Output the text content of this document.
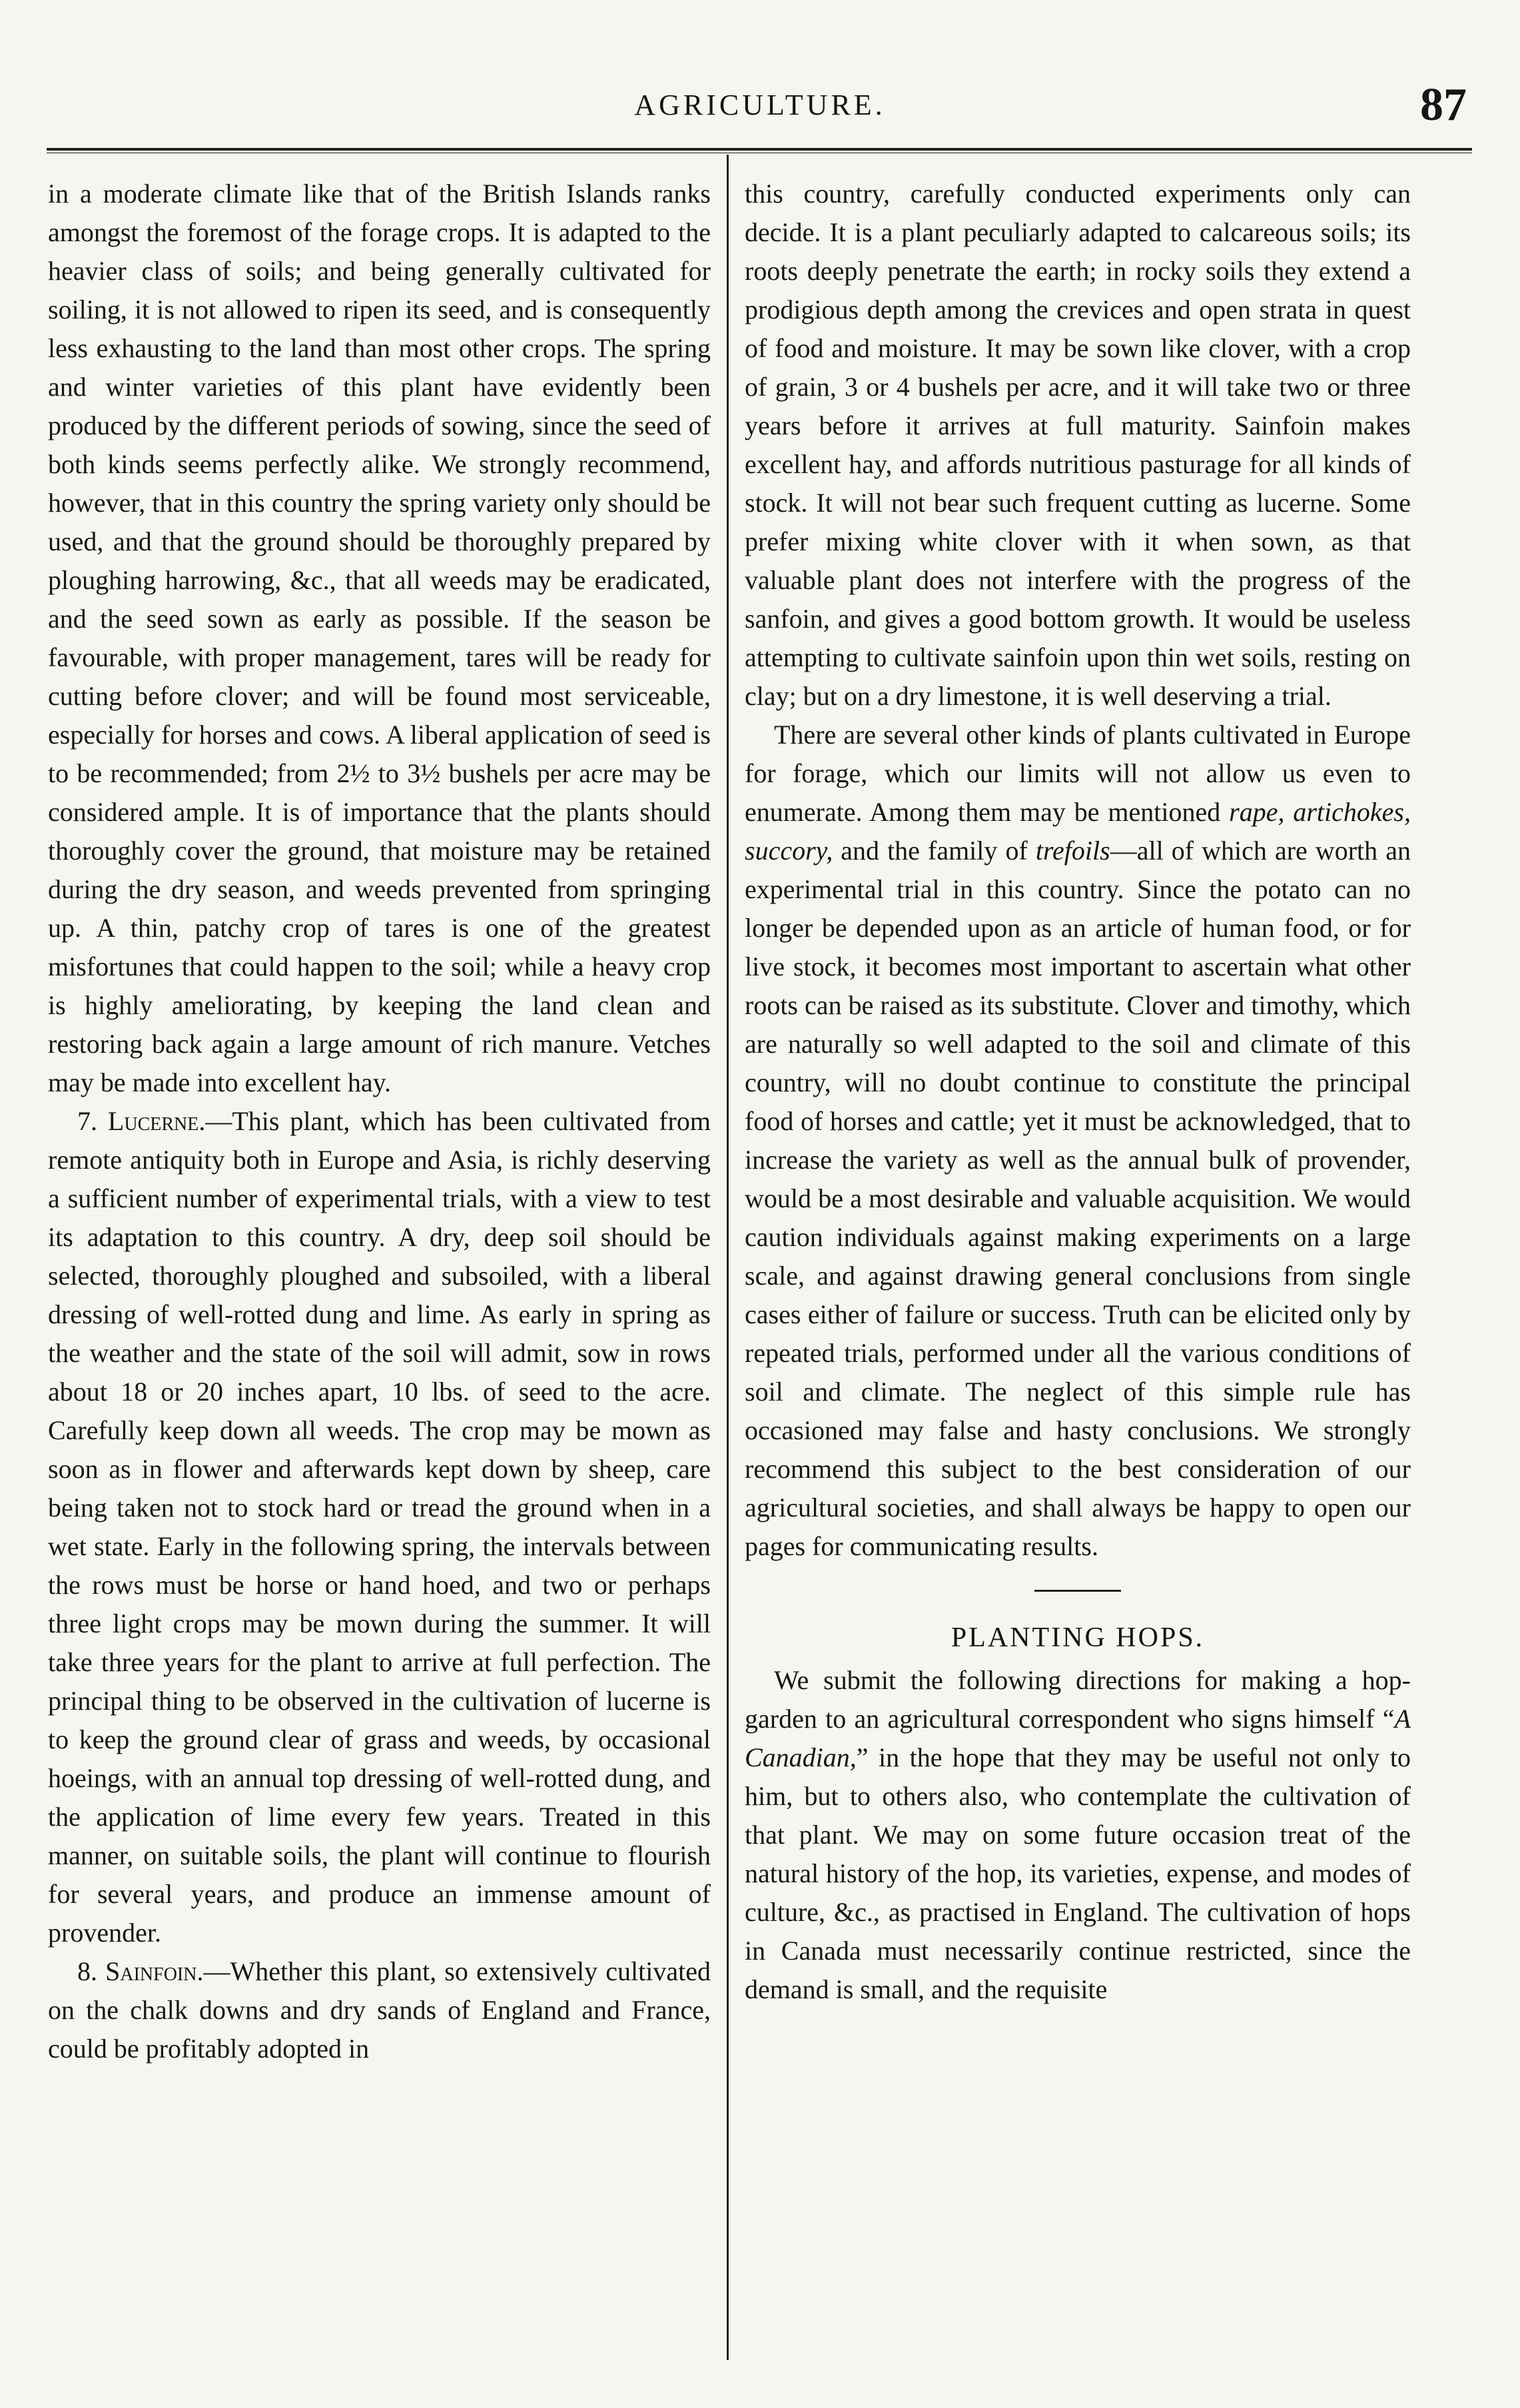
AGRICULTURE.	87

in a moderate climate like that of the British Islands ranks amongst the foremost of the forage crops. It is adapted to the heavier class of soils; and being generally cultivated for soiling, it is not allowed to ripen its seed, and is consequently less exhausting to the land than most other crops. The spring and winter varieties of this plant have evidently been produced by the different periods of sowing, since the seed of both kinds seems perfectly alike. We strongly recommend, however, that in this country the spring variety only should be used, and that the ground should be thoroughly prepared by ploughing harrowing, &c., that all weeds may be eradicated, and the seed sown as early as possible. If the season be favourable, with proper management, tares will be ready for cutting before clover; and will be found most serviceable, especially for horses and cows. A liberal application of seed is to be recommended; from 2½ to 3½ bushels per acre may be considered ample. It is of importance that the plants should thoroughly cover the ground, that moisture may be retained during the dry season, and weeds prevented from springing up. A thin, patchy crop of tares is one of the greatest misfortunes that could happen to the soil; while a heavy crop is highly ameliorating, by keeping the land clean and restoring back again a large amount of rich manure. Vetches may be made into excellent hay.

7. Lucerne.—This plant, which has been cultivated from remote antiquity both in Europe and Asia, is richly deserving a sufficient number of experimental trials, with a view to test its adaptation to this country. A dry, deep soil should be selected, thoroughly ploughed and subsoiled, with a liberal dressing of well-rotted dung and lime. As early in spring as the weather and the state of the soil will admit, sow in rows about 18 or 20 inches apart, 10 lbs. of seed to the acre. Carefully keep down all weeds. The crop may be mown as soon as in flower and afterwards kept down by sheep, care being taken not to stock hard or tread the ground when in a wet state. Early in the following spring, the intervals between the rows must be horse or hand hoed, and two or perhaps three light crops may be mown during the summer. It will take three years for the plant to arrive at full perfection. The principal thing to be observed in the cultivation of lucerne is to keep the ground clear of grass and weeds, by occasional hoeings, with an annual top dressing of well-rotted dung, and the application of lime every few years. Treated in this manner, on suitable soils, the plant will continue to flourish for several years, and produce an immense amount of provender.

8. Sainfoin.—Whether this plant, so extensively cultivated on the chalk downs and dry sands of England and France, could be profitably adopted in

this country, carefully conducted experiments only can decide. It is a plant peculiarly adapted to calcareous soils; its roots deeply penetrate the earth; in rocky soils they extend a prodigious depth among the crevices and open strata in quest of food and moisture. It may be sown like clover, with a crop of grain, 3 or 4 bushels per acre, and it will take two or three years before it arrives at full maturity. Sainfoin makes excellent hay, and affords nutritious pasturage for all kinds of stock. It will not bear such frequent cutting as lucerne. Some prefer mixing white clover with it when sown, as that valuable plant does not interfere with the progress of the sanfoin, and gives a good bottom growth. It would be useless attempting to cultivate sainfoin upon thin wet soils, resting on clay; but on a dry limestone, it is well deserving a trial.

There are several other kinds of plants cultivated in Europe for forage, which our limits will not allow us even to enumerate. Among them may be mentioned rape, artichokes, succory, and the family of trefoils—all of which are worth an experimental trial in this country. Since the potato can no longer be depended upon as an article of human food, or for live stock, it becomes most important to ascertain what other roots can be raised as its substitute. Clover and timothy, which are naturally so well adapted to the soil and climate of this country, will no doubt continue to constitute the principal food of horses and cattle; yet it must be acknowledged, that to increase the variety as well as the annual bulk of provender, would be a most desirable and valuable acquisition. We would caution individuals against making experiments on a large scale, and against drawing general conclusions from single cases either of failure or success. Truth can be elicited only by repeated trials, performed under all the various conditions of soil and climate. The neglect of this simple rule has occasioned may false and hasty conclusions. We strongly recommend this subject to the best consideration of our agricultural societies, and shall always be happy to open our pages for communicating results.

PLANTING HOPS.

We submit the following directions for making a hop-garden to an agricultural correspondent who signs himself “A Canadian,” in the hope that they may be useful not only to him, but to others also, who contemplate the cultivation of that plant. We may on some future occasion treat of the natural history of the hop, its varieties, expense, and modes of culture, &c., as practised in England. The cultivation of hops in Canada must necessarily continue restricted, since the demand is small, and the requisite
